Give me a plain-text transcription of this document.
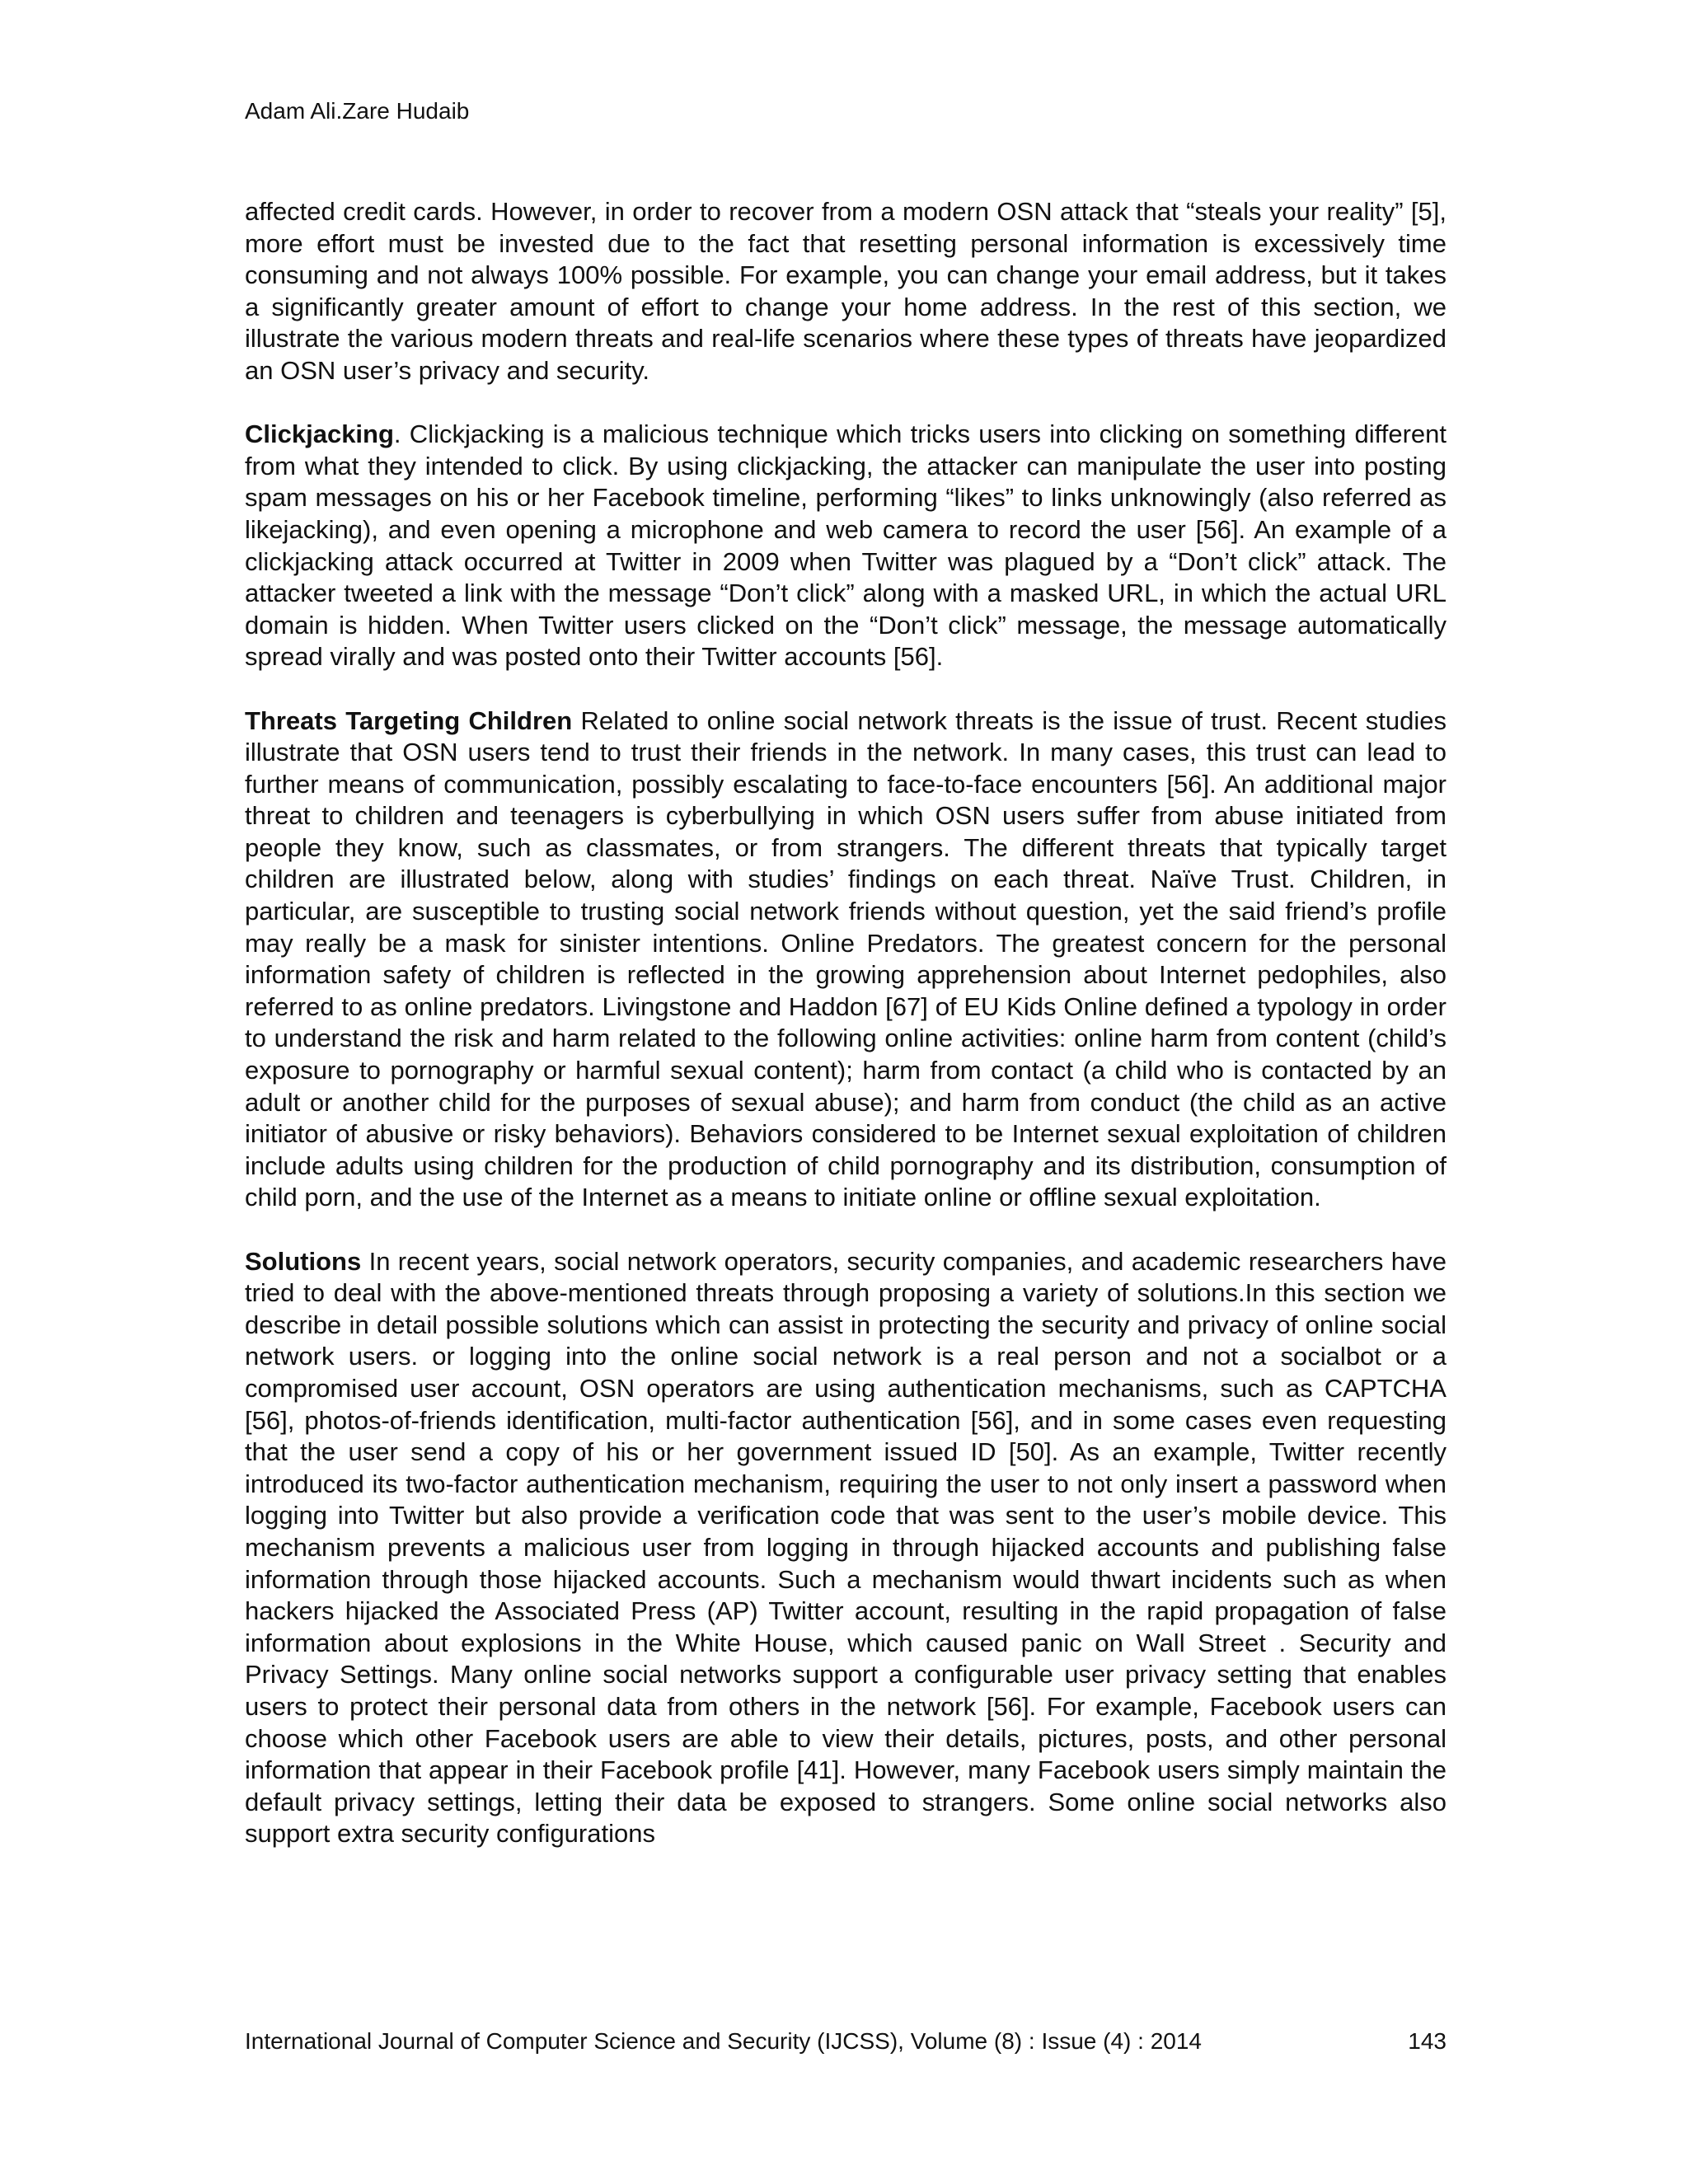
Adam Ali.Zare Hudaib

affected credit cards. However, in order to recover from a modern OSN attack that “steals your reality” [5], more effort must be invested due to the fact that resetting personal information is excessively time consuming and not always 100% possible. For example, you can change your email address, but it takes a significantly greater amount of effort to change your home address. In the rest of this section, we illustrate the various modern threats and real-life scenarios where these types of threats have jeopardized an OSN user’s privacy and security.

Clickjacking. Clickjacking is a malicious technique which tricks users into clicking on something different from what they intended to click. By using clickjacking, the attacker can manipulate the user into posting spam messages on his or her Facebook timeline, performing “likes” to links unknowingly (also referred as likejacking), and even opening a microphone and web camera to record the user [56]. An example of a clickjacking attack occurred at Twitter in 2009 when Twitter was plagued by a “Don’t click” attack. The attacker tweeted a link with the message “Don’t click” along with a masked URL, in which the actual URL domain is hidden. When Twitter users clicked on the “Don’t click” message, the message automatically spread virally and was posted onto their Twitter accounts [56].

Threats Targeting Children Related to online social network threats is the issue of trust. Recent studies illustrate that OSN users tend to trust their friends in the network. In many cases, this trust can lead to further means of communication, possibly escalating to face-to-face encounters [56]. An additional major threat to children and teenagers is cyberbullying in which OSN users suffer from abuse initiated from people they know, such as classmates, or from strangers. The different threats that typically target children are illustrated below, along with studies’ findings on each threat. Naïve Trust. Children, in particular, are susceptible to trusting social network friends without question, yet the said friend’s profile may really be a mask for sinister intentions. Online Predators. The greatest concern for the personal information safety of children is reflected in the growing apprehension about Internet pedophiles, also referred to as online predators. Livingstone and Haddon [67] of EU Kids Online defined a typology in order to understand the risk and harm related to the following online activities: online harm from content (child’s exposure to pornography or harmful sexual content); harm from contact (a child who is contacted by an adult or another child for the purposes of sexual abuse); and harm from conduct (the child as an active initiator of abusive or risky behaviors). Behaviors considered to be Internet sexual exploitation of children include adults using children for the production of child pornography and its distribution, consumption of child porn, and the use of the Internet as a means to initiate online or offline sexual exploitation.

Solutions In recent years, social network operators, security companies, and academic researchers have tried to deal with the above-mentioned threats through proposing a variety of solutions.In this section we describe in detail possible solutions which can assist in protecting the security and privacy of online social network users. or logging into the online social network is a real person and not a socialbot or a compromised user account, OSN operators are using authentication mechanisms, such as CAPTCHA [56], photos-of-friends identification, multi-factor authentication [56], and in some cases even requesting that the user send a copy of his or her government issued ID [50]. As an example, Twitter recently introduced its two-factor authentication mechanism, requiring the user to not only insert a password when logging into Twitter but also provide a verification code that was sent to the user’s mobile device. This mechanism prevents a malicious user from logging in through hijacked accounts and publishing false information through those hijacked accounts. Such a mechanism would thwart incidents such as when hackers hijacked the Associated Press (AP) Twitter account, resulting in the rapid propagation of false information about explosions in the White House, which caused panic on Wall Street . Security and Privacy Settings. Many online social networks support a configurable user privacy setting that enables users to protect their personal data from others in the network [56]. For example, Facebook users can choose which other Facebook users are able to view their details, pictures, posts, and other personal information that appear in their Facebook profile [41]. However, many Facebook users simply maintain the default privacy settings, letting their data be exposed to strangers. Some online social networks also support extra security configurations

International Journal of Computer Science and Security (IJCSS), Volume (8) : Issue (4) : 2014	143
